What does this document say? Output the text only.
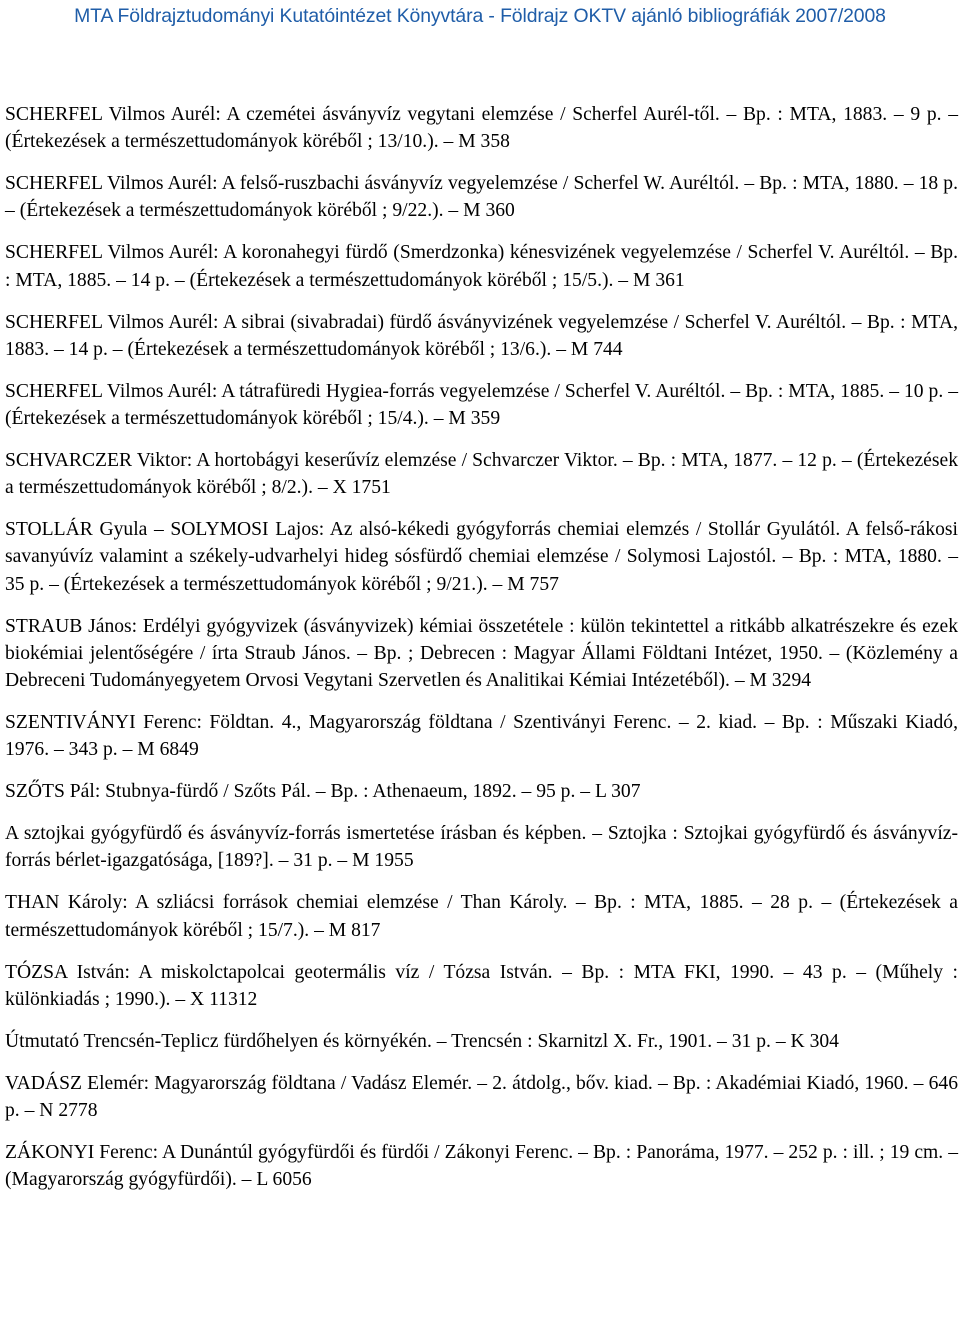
MTA Földrajztudományi Kutatóintézet Könyvtára - Földrajz OKTV ajánló bibliográfiák 2007/2008

SCHERFEL Vilmos Aurél: A czemétei ásványvíz vegytani elemzése / Scherfel Aurél-től. – Bp. : MTA, 1883. – 9 p. – (Értekezések a természettudományok köréből ; 13/10.). – M 358

SCHERFEL Vilmos Aurél: A felső-ruszbachi ásványvíz vegyelemzése / Scherfel W. Auréltól. – Bp. : MTA, 1880. – 18 p. – (Értekezések a természettudományok köréből ; 9/22.). – M 360

SCHERFEL Vilmos Aurél: A koronahegyi fürdő (Smerdzonka) kénesvizének vegyelemzése / Scherfel V. Auréltól. – Bp. : MTA, 1885. – 14 p. – (Értekezések a természettudományok köréből ; 15/5.). – M 361

SCHERFEL Vilmos Aurél: A sibrai (sivabradai) fürdő ásványvizének vegyelemzése / Scherfel V. Auréltól. – Bp. : MTA, 1883. – 14 p. – (Értekezések a természettudományok köréből ; 13/6.). – M 744

SCHERFEL Vilmos Aurél: A tátrafüredi Hygiea-forrás vegyelemzése / Scherfel V. Auréltól. – Bp. : MTA, 1885. – 10 p. – (Értekezések a természettudományok köréből ; 15/4.). – M 359

SCHVARCZER Viktor: A hortobágyi keserűvíz elemzése / Schvarczer Viktor. – Bp. : MTA, 1877. – 12 p. – (Értekezések a természettudományok köréből ; 8/2.). – X 1751

STOLLÁR Gyula – SOLYMOSI Lajos: Az alsó-kékedi gyógyforrás chemiai elemzés / Stollár Gyulától. A felső-rákosi savanyúvíz valamint a székely-udvarhelyi hideg sósfürdő chemiai elemzése / Solymosi Lajostól. – Bp. : MTA, 1880. – 35 p. – (Értekezések a természettudományok köréből ; 9/21.). – M 757

STRAUB János: Erdélyi gyógyvizek (ásványvizek) kémiai összetétele : külön tekintettel a ritkább alkatrészekre és ezek biokémiai jelentőségére / írta Straub János. – Bp. ; Debrecen : Magyar Állami Földtani Intézet, 1950. – (Közlemény a Debreceni Tudományegyetem Orvosi Vegytani Szervetlen és Analitikai Kémiai Intézetéből). – M 3294

SZENTIVÁNYI Ferenc: Földtan. 4., Magyarország földtana / Szentiványi Ferenc. – 2. kiad. – Bp. : Műszaki Kiadó, 1976. – 343 p. – M 6849

SZŐTS Pál: Stubnya-fürdő / Szőts Pál. – Bp. : Athenaeum, 1892. – 95 p. – L 307

A sztojkai gyógyfürdő és ásványvíz-forrás ismertetése írásban és képben. – Sztojka : Sztojkai gyógyfürdő és ásványvíz-forrás bérlet-igazgatósága, [189?]. – 31 p. – M 1955

THAN Károly: A szliácsi források chemiai elemzése / Than Károly. – Bp. : MTA, 1885. – 28 p. – (Értekezések a természettudományok köréből ; 15/7.). – M 817

TÓZSA István: A miskolctapolcai geotermális víz / Tózsa István. – Bp. : MTA FKI, 1990. – 43 p. – (Műhely : különkiadás ; 1990.). – X 11312

Útmutató Trencsén-Teplicz fürdőhelyen és környékén. – Trencsén : Skarnitzl X. Fr., 1901. – 31 p. – K 304

VADÁSZ Elemér: Magyarország földtana / Vadász Elemér. – 2. átdolg., bőv. kiad. – Bp. : Akadémiai Kiadó, 1960. – 646 p. – N 2778

ZÁKONYI Ferenc: A Dunántúl gyógyfürdői és fürdői / Zákonyi Ferenc. – Bp. : Panoráma, 1977. – 252 p. : ill. ; 19 cm. – (Magyarország gyógyfürdői). – L 6056
